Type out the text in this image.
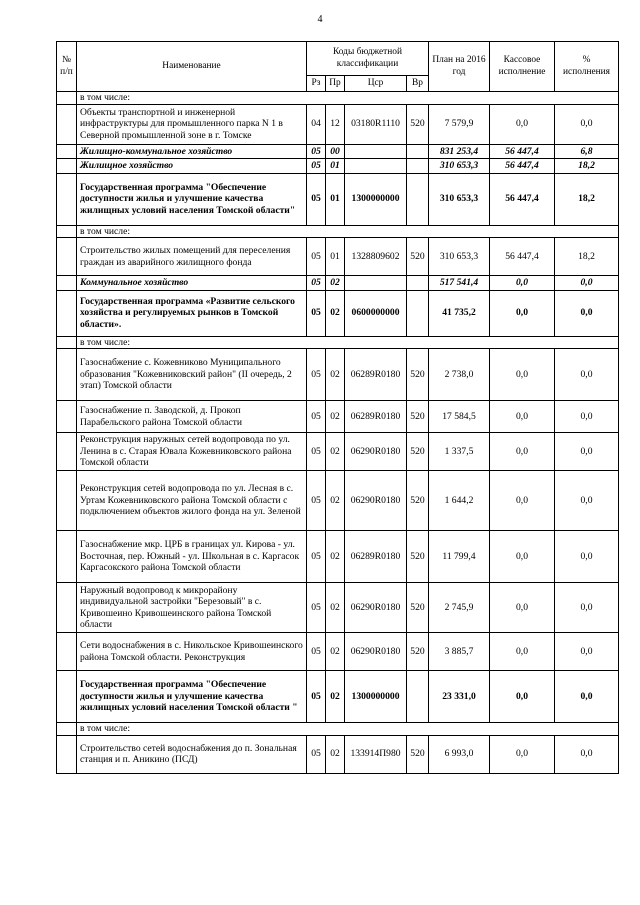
4
№ п/п	Наименование	Коды бюджетной классификации				План на 2016 год	Кассовое исполнение	% исполнения
		Рз	Пр	Цср	Вр			
	в том числе:							
	Объекты транспортной и инженерной инфраструктуры для промышленного парка N 1 в Северной промышленной зоне в г. Томске	04	12	03180R1110	520	7 579,9	0,0	0,0
	Жилищно-коммунальное хозяйство	05	00			831 253,4	56 447,4	6,8
	Жилищное хозяйство	05	01			310 653,3	56 447,4	18,2
	Государственная программа "Обеспечение доступности жилья и улучшение качества жилищных условий населения Томской области"	05	01	1300000000		310 653,3	56 447,4	18,2
	в том числе:							
	Строительство жилых помещений для переселения граждан из аварийного жилищного фонда	05	01	1328809602	520	310 653,3	56 447,4	18,2
	Коммунальное хозяйство	05	02			517 541,4	0,0	0,0
	Государственная программа «Развитие сельского хозяйства и регулируемых рынков в Томской области».	05	02	0600000000		41 735,2	0,0	0,0
	в том числе:							
	Газоснабжение с. Кожевниково Муниципального образования "Кожевниковский район" (II очередь, 2 этап) Томской области	05	02	06289R0180	520	2 738,0	0,0	0,0
	Газоснабжение п. Заводской, д. Прокоп Парабельского района Томской области	05	02	06289R0180	520	17 584,5	0,0	0,0
	Реконструкция наружных сетей водопровода по ул. Ленина в с. Старая Ювала Кожевниковского района Томской области	05	02	06290R0180	520	1 337,5	0,0	0,0
	Реконструкция сетей водопровода по ул. Лесная в с. Уртам Кожевниковского района Томской области с подключением объектов жилого фонда на ул. Зеленой	05	02	06290R0180	520	1 644,2	0,0	0,0
	Газоснабжение мкр. ЦРБ в границах ул. Кирова - ул. Восточная, пер. Южный - ул. Школьная в с. Каргасок Каргасокского района Томской области	05	02	06289R0180	520	11 799,4	0,0	0,0
	Наружный водопровод к микрорайону индивидуальной застройки "Березовый" в с. Кривошеино Кривошеинского района Томской области	05	02	06290R0180	520	2 745,9	0,0	0,0
	Сети водоснабжения в с. Никольское Кривошеинского района Томской области. Реконструкция	05	02	06290R0180	520	3 885,7	0,0	0,0
	Государственная программа "Обеспечение доступности жилья и улучшение качества жилищных условий населения Томской области "	05	02	1300000000		23 331,0	0,0	0,0
	в том числе:							
	Строительство сетей водоснабжения до п. Зональная станция и п. Аникино (ПСД)	05	02	133914П980	520	6 993,0	0,0	0,0
